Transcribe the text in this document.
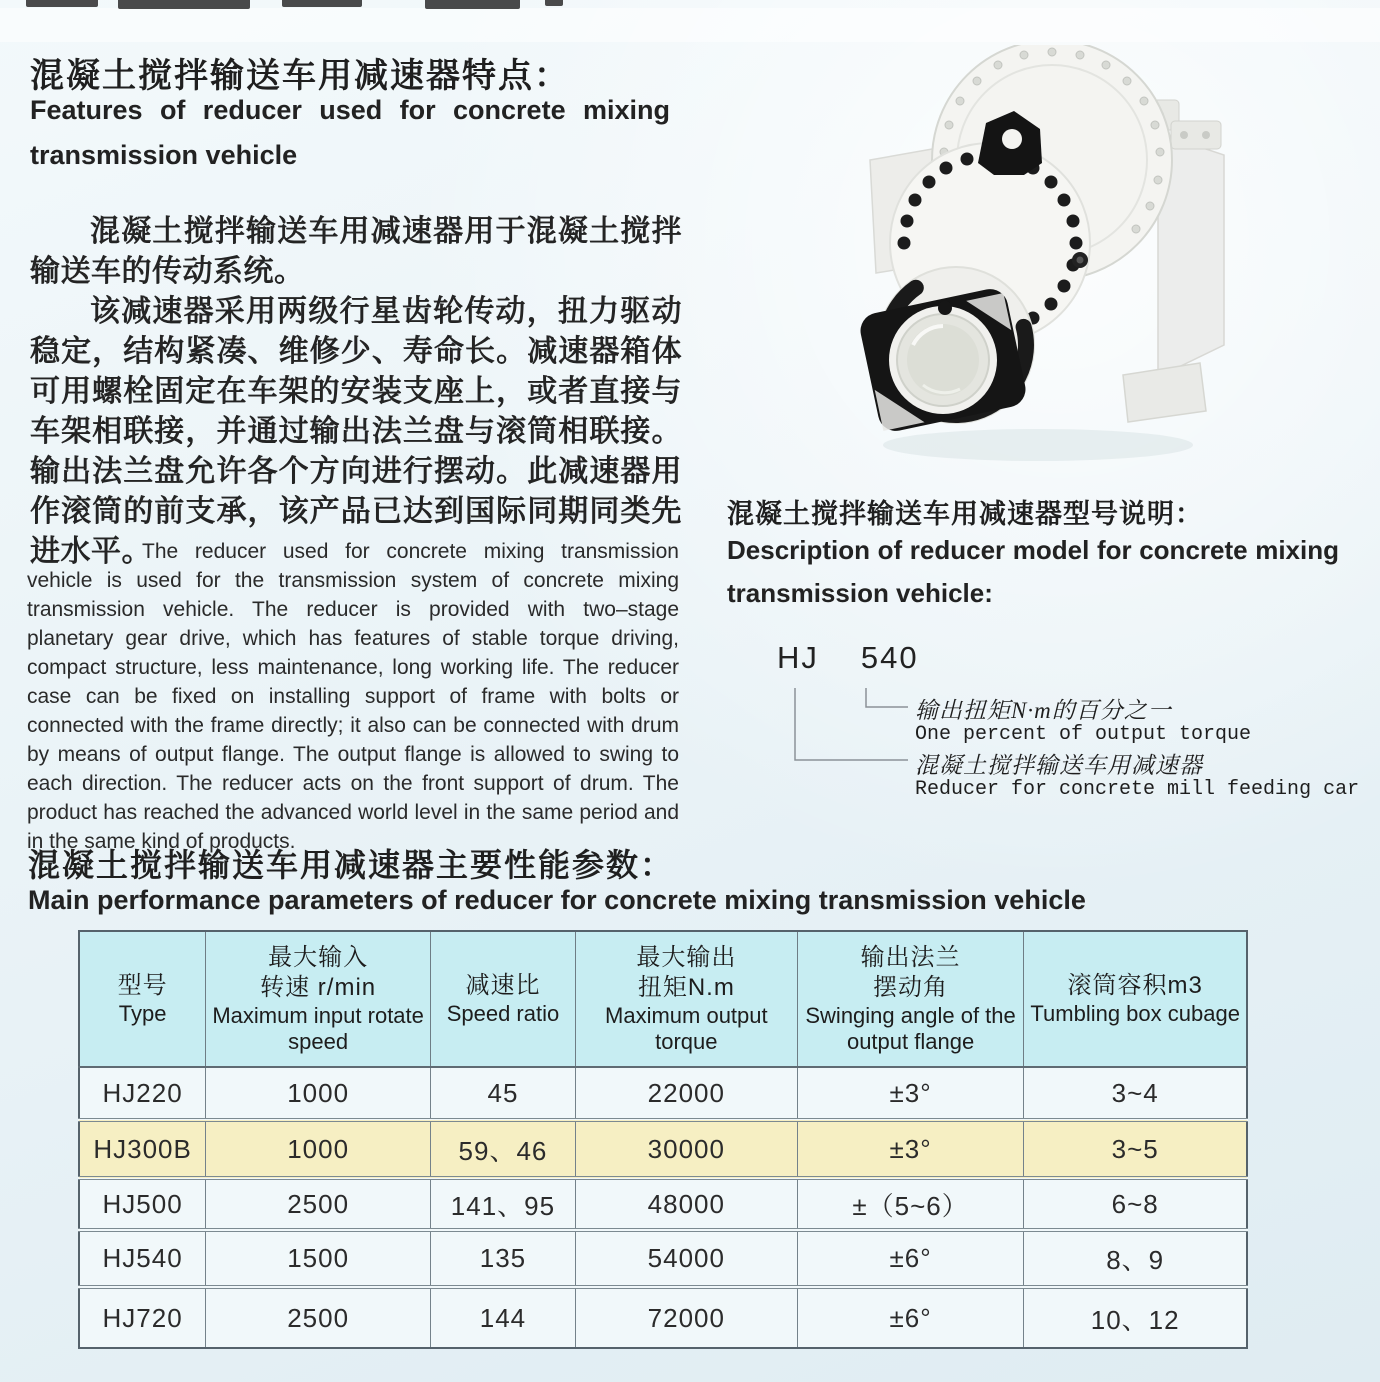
混凝土搅拌输送车用减速器特点：
Features of reducer used for concrete mixing
transmission vehicle

混凝土搅拌输送车用减速器用于混凝土搅拌输送车的传动系统。

该减速器采用两级行星齿轮传动，扭力驱动稳定，结构紧凑、维修少、寿命长。减速器箱体可用螺栓固定在车架的安装支座上，或者直接与车架相联接，并通过输出法兰盘与滚筒相联接。输出法兰盘允许各个方向进行摆动。此减速器用作滚筒的前支承，该产品已达到国际同期同类先进水平。

The reducer used for concrete mixing transmission vehicle is used for the transmission system of concrete mixing transmission vehicle. The reducer is provided with two–stage planetary gear drive, which has features of stable torque driving, compact structure, less maintenance, long working life. The reducer case can be fixed on installing support of frame with bolts or connected with the frame directly; it also can be connected with drum by means of output flange. The output flange is allowed to swing to each direction. The reducer acts on the front support of drum. The product has reached the advanced world level in the same period and in the same kind of products.

混凝土搅拌输送车用减速器型号说明：
Description of reducer model for concrete mixing
transmission vehicle:
HJ 540
输出扭矩N·m的百分之一
One percent of output torque
混凝土搅拌输送车用减速器
Reducer for concrete mill feeding car
混凝土搅拌输送车用减速器主要性能参数：
Main performance parameters of reducer for concrete mixing transmission vehicle
型号
Type

最大输入
转速 r/min
Maximum input rotate speed

减速比
Speed ratio

最大输出
扭矩N.m
Maximum output torque

输出法兰
摆动角
Swinging angle of the output flange

滚筒容积m3
Tumbling box cubage

HJ220	1000	45	22000	±3°	3~4
HJ300B	1000	59、46	30000	±3°	3~5
HJ500	2500	141、95	48000	±（5~6）	6~8
HJ540	1500	135	54000	±6°	8、9
HJ720	2500	144	72000	±6°	10、12
